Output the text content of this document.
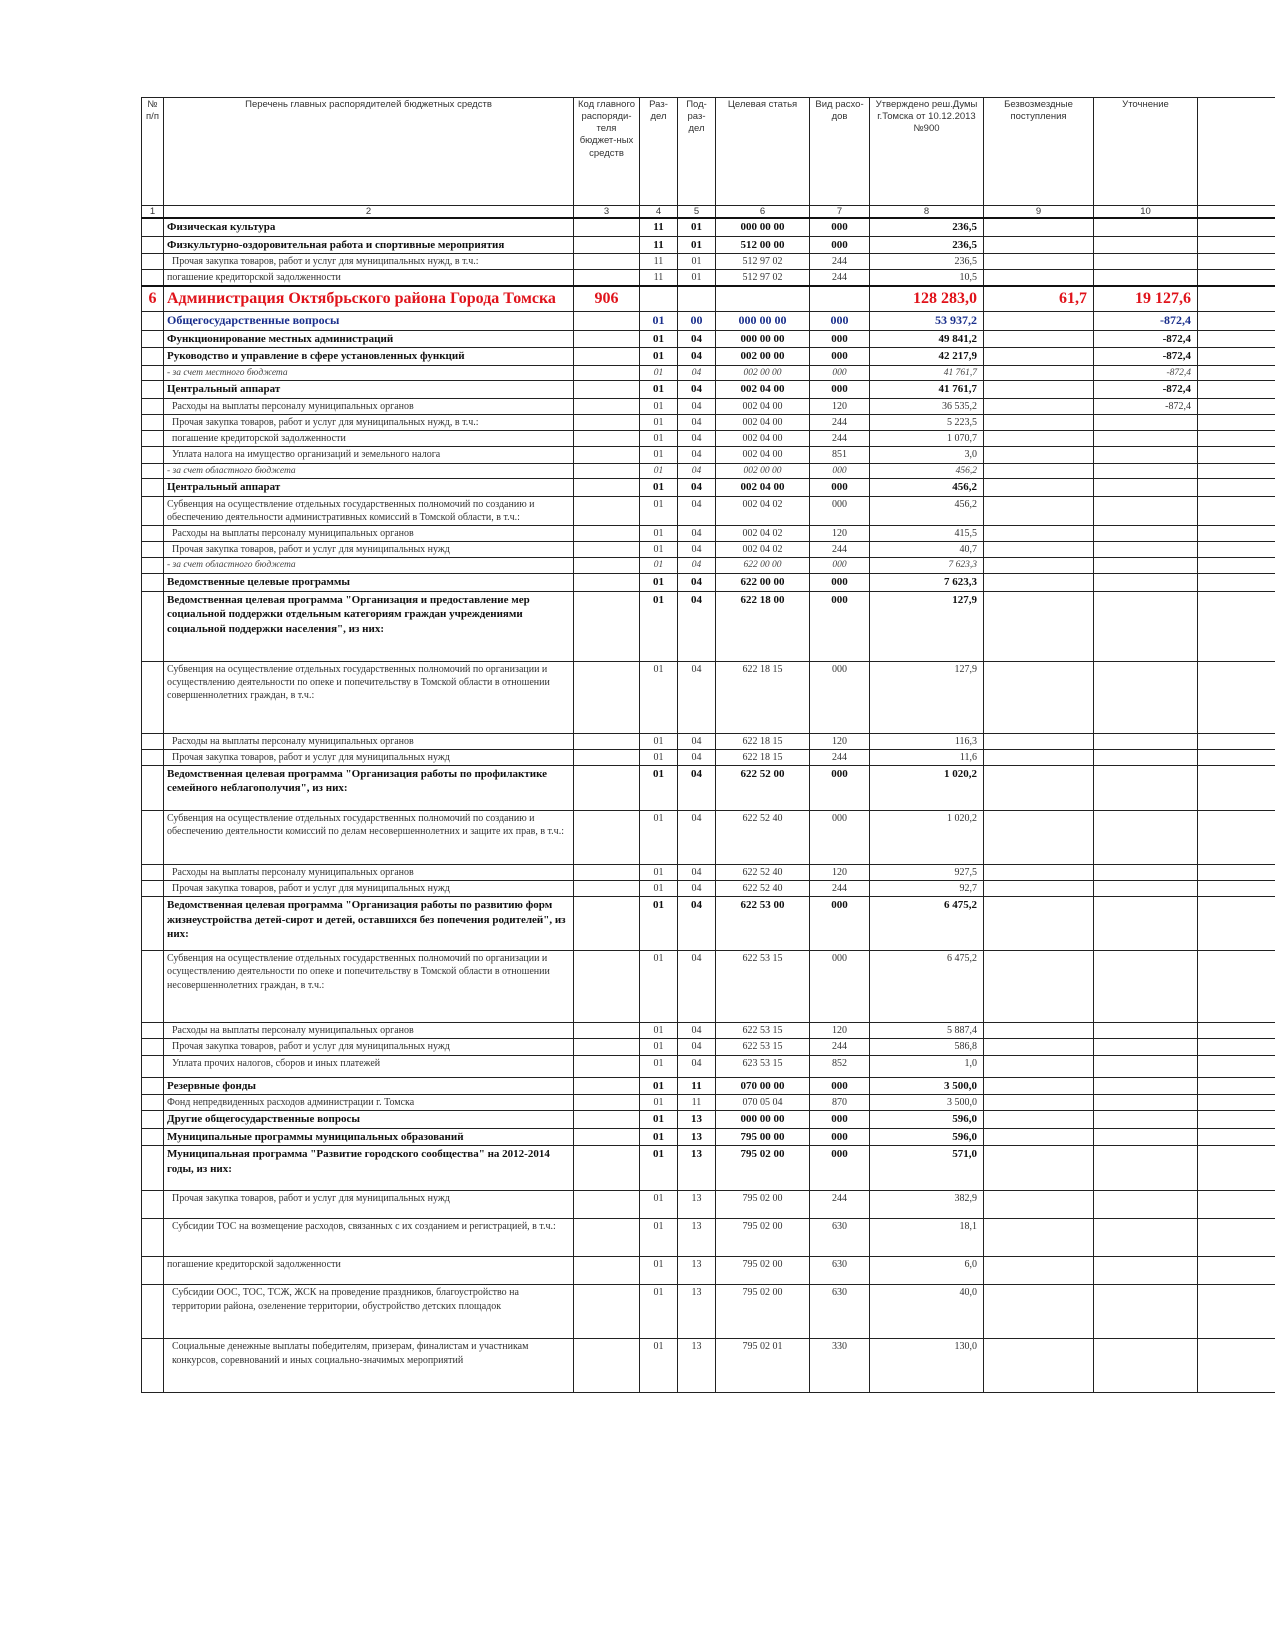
№ п/п	Перечень главных распорядителей бюджетных средств	Код главного распоряди-теля бюджет-ных средств	Раз-дел	Под-раз-дел	Целевая статья	Вид расхо-дов	Утверждено реш.Думы г.Томска от 10.12.2013 №900	Безвозмездные поступления	Уточнение	
1	2	3	4	5	6	7	8	9	10	
	Физическая культура		11	01	000 00 00	000	236,5			
	Физкультурно-оздоровительная работа и спортивные мероприятия		11	01	512 00 00	000	236,5			
	Прочая закупка товаров, работ и услуг для муниципальных нужд, в т.ч.:		11	01	512 97 02	244	236,5			
	погашение кредиторской задолженности		11	01	512 97 02	244	10,5			
6	Администрация Октябрьского района Города Томска	906					128 283,0	61,7	19 127,6	
	Общегосударственные вопросы		01	00	000 00 00	000	53 937,2		-872,4	
	Функционирование местных администраций		01	04	000 00 00	000	49 841,2		-872,4	
	Руководство и управление в сфере установленных функций		01	04	002 00 00	000	42 217,9		-872,4	
	- за счет местного бюджета		01	04	002 00 00	000	41 761,7		-872,4	
	Центральный аппарат		01	04	002 04 00	000	41 761,7		-872,4	
	Расходы на выплаты персоналу муниципальных органов		01	04	002 04 00	120	36 535,2		-872,4	
	Прочая закупка товаров, работ и услуг для муниципальных нужд, в т.ч.:		01	04	002 04 00	244	5 223,5			
	погашение кредиторской задолженности		01	04	002 04 00	244	1 070,7			
	Уплата налога на имущество организаций и земельного налога		01	04	002 04 00	851	3,0			
	- за счет областного бюджета		01	04	002 00 00	000	456,2			
	Центральный аппарат		01	04	002 04 00	000	456,2			
	Субвенция на осуществление отдельных государственных полномочий по созданию и обеспечению деятельности административных комиссий в Томской области, в т.ч.:		01	04	002 04 02	000	456,2			
	Расходы на выплаты персоналу муниципальных органов		01	04	002 04 02	120	415,5			
	Прочая закупка товаров, работ и услуг для муниципальных нужд		01	04	002 04 02	244	40,7			
	- за счет областного бюджета		01	04	622 00 00	000	7 623,3			
	Ведомственные целевые программы		01	04	622 00 00	000	7 623,3			
	Ведомственная целевая программа "Организация и предоставление мер социальной поддержки отдельным категориям граждан учреждениями социальной поддержки населения", из них:		01	04	622 18 00	000	127,9			
	Субвенция на осуществление отдельных государственных полномочий по организации и осуществлению деятельности по опеке и попечительству в Томской области в отношении совершеннолетних граждан, в т.ч.:		01	04	622 18 15	000	127,9			
	Расходы на выплаты персоналу муниципальных органов		01	04	622 18 15	120	116,3			
	Прочая закупка товаров, работ и услуг для муниципальных нужд		01	04	622 18 15	244	11,6			
	Ведомственная целевая программа "Организация работы по профилактике семейного неблагополучия", из них:		01	04	622 52 00	000	1 020,2			
	Субвенция на осуществление отдельных государственных полномочий по созданию и обеспечению деятельности комиссий по делам несовершеннолетних и защите их прав, в т.ч.:		01	04	622 52 40	000	1 020,2			
	Расходы на выплаты персоналу муниципальных органов		01	04	622 52 40	120	927,5			
	Прочая закупка товаров, работ и услуг для муниципальных нужд		01	04	622 52 40	244	92,7			
	Ведомственная целевая программа "Организация работы по развитию форм жизнеустройства детей-сирот и детей, оставшихся без попечения родителей", из них:		01	04	622 53 00	000	6 475,2			
	Субвенция на осуществление отдельных государственных полномочий по организации и осуществлению деятельности по опеке и попечительству в Томской области в отношении несовершеннолетних граждан, в т.ч.:		01	04	622 53 15	000	6 475,2			
	Расходы на выплаты персоналу муниципальных органов		01	04	622 53 15	120	5 887,4			
	Прочая закупка товаров, работ и услуг для муниципальных нужд		01	04	622 53 15	244	586,8			
	Уплата прочих налогов, сборов и иных платежей		01	04	623 53 15	852	1,0			
	Резервные фонды		01	11	070 00 00	000	3 500,0			
	Фонд непредвиденных расходов администрации г. Томска		01	11	070 05 04	870	3 500,0			
	Другие общегосударственные вопросы		01	13	000 00 00	000	596,0			
	Муниципальные программы муниципальных образований		01	13	795 00 00	000	596,0			
	Муниципальная программа "Развитие городского сообщества" на 2012-2014 годы, из них:		01	13	795 02 00	000	571,0			
	Прочая закупка товаров, работ и услуг для муниципальных нужд		01	13	795 02 00	244	382,9			
	Субсидии ТОС на возмещение расходов, связанных с их созданием и регистрацией, в т.ч.:		01	13	795 02 00	630	18,1			
	погашение кредиторской задолженности		01	13	795 02 00	630	6,0			
	Субсидии ООС, ТОС, ТСЖ, ЖСК на проведение праздников, благоустройство на территории района, озеленение территории, обустройство детских площадок		01	13	795 02 00	630	40,0			
	Социальные денежные выплаты победителям, призерам, финалистам и участникам конкурсов, соревнований и иных социально-значимых мероприятий		01	13	795 02 01	330	130,0			
